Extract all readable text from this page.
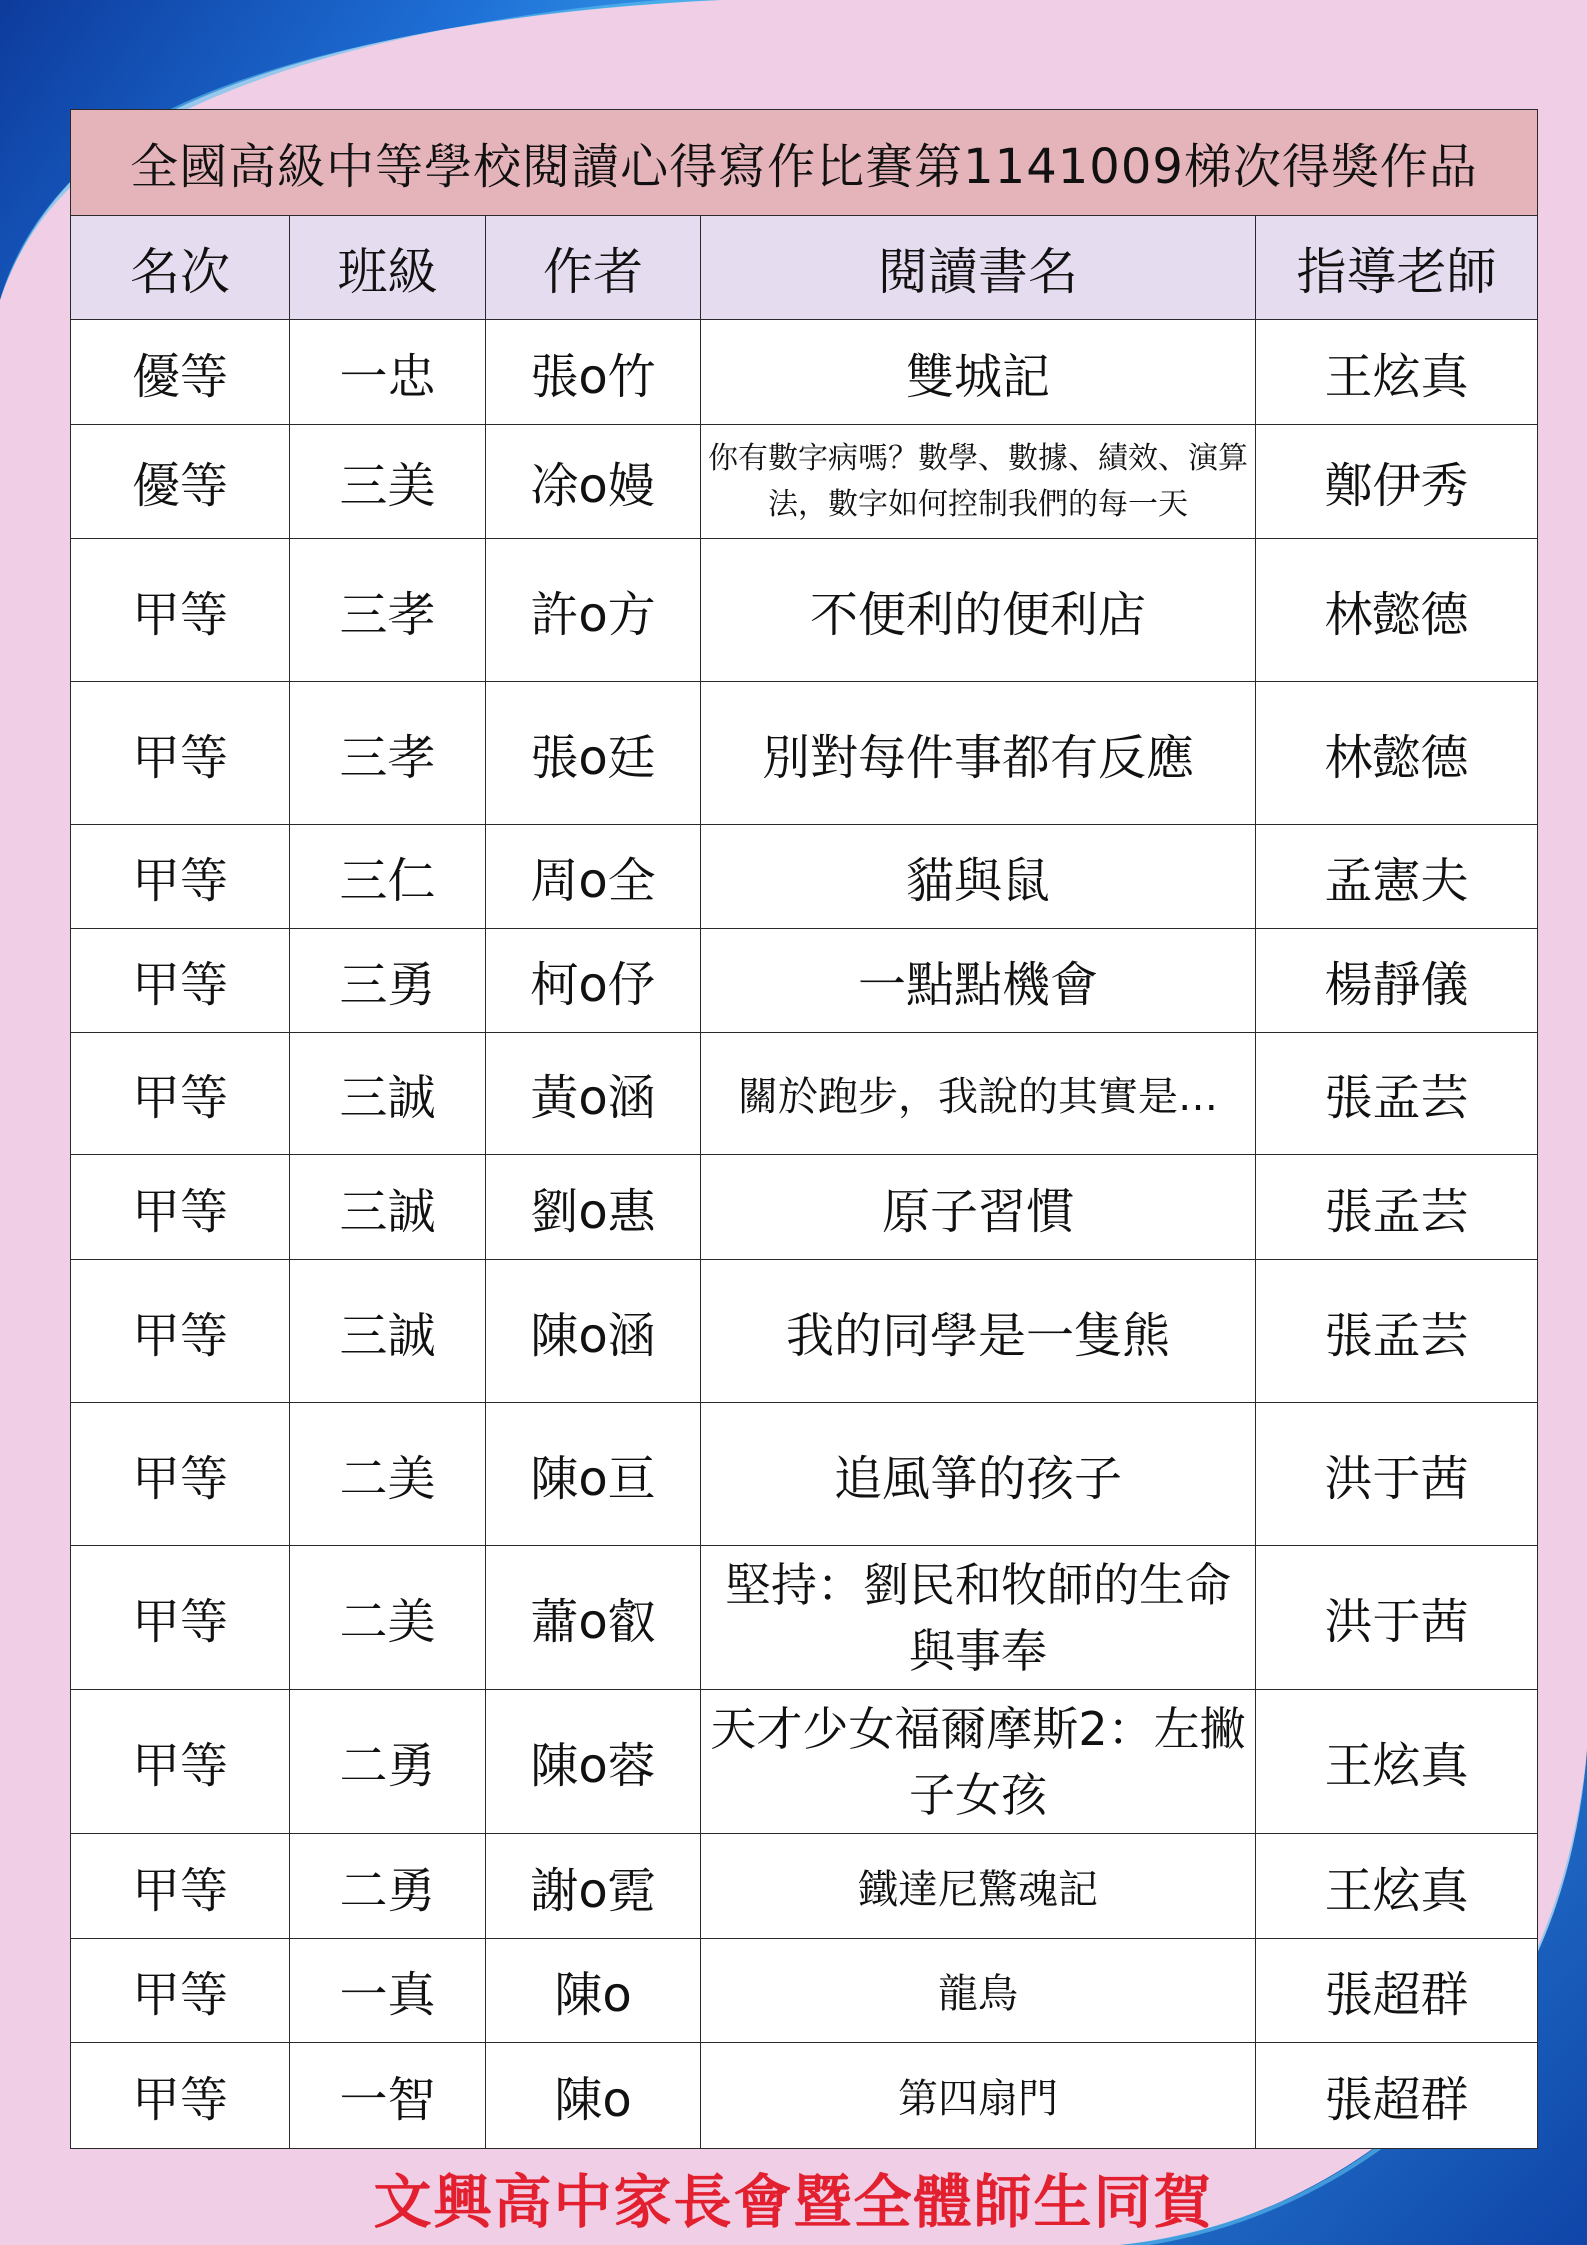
全國高級中等學校閱讀心得寫作比賽第1141009梯次得獎作品				
名次	班級	作者	閱讀書名	指導老師
優等	一忠	張o竹	雙城記	王炫真
優等	三美	凃o嫚	你有數字病嗎？數學、數據、績效、演算法，數字如何控制我們的每一天	鄭伊秀
甲等	三孝	許o方	不便利的便利店	林懿德
甲等	三孝	張o廷	別對每件事都有反應	林懿德
甲等	三仁	周o全	貓與鼠	孟憲夫
甲等	三勇	柯o伃	一點點機會	楊靜儀
甲等	三誠	黃o涵	關於跑步，我說的其實是…	張孟芸
甲等	三誠	劉o惠	原子習慣	張孟芸
甲等	三誠	陳o涵	我的同學是一隻熊	張孟芸
甲等	二美	陳o亘	追風箏的孩子	洪于茜
甲等	二美	蕭o叡	堅持：劉民和牧師的生命與事奉	洪于茜
甲等	二勇	陳o蓉	天才少女福爾摩斯2：左撇子女孩	王炫真
甲等	二勇	謝o霓	鐵達尼驚魂記	王炫真
甲等	一真	陳o	龍鳥	張超群
甲等	一智	陳o	第四扇門	張超群
文興高中家長會暨全體師生同賀
